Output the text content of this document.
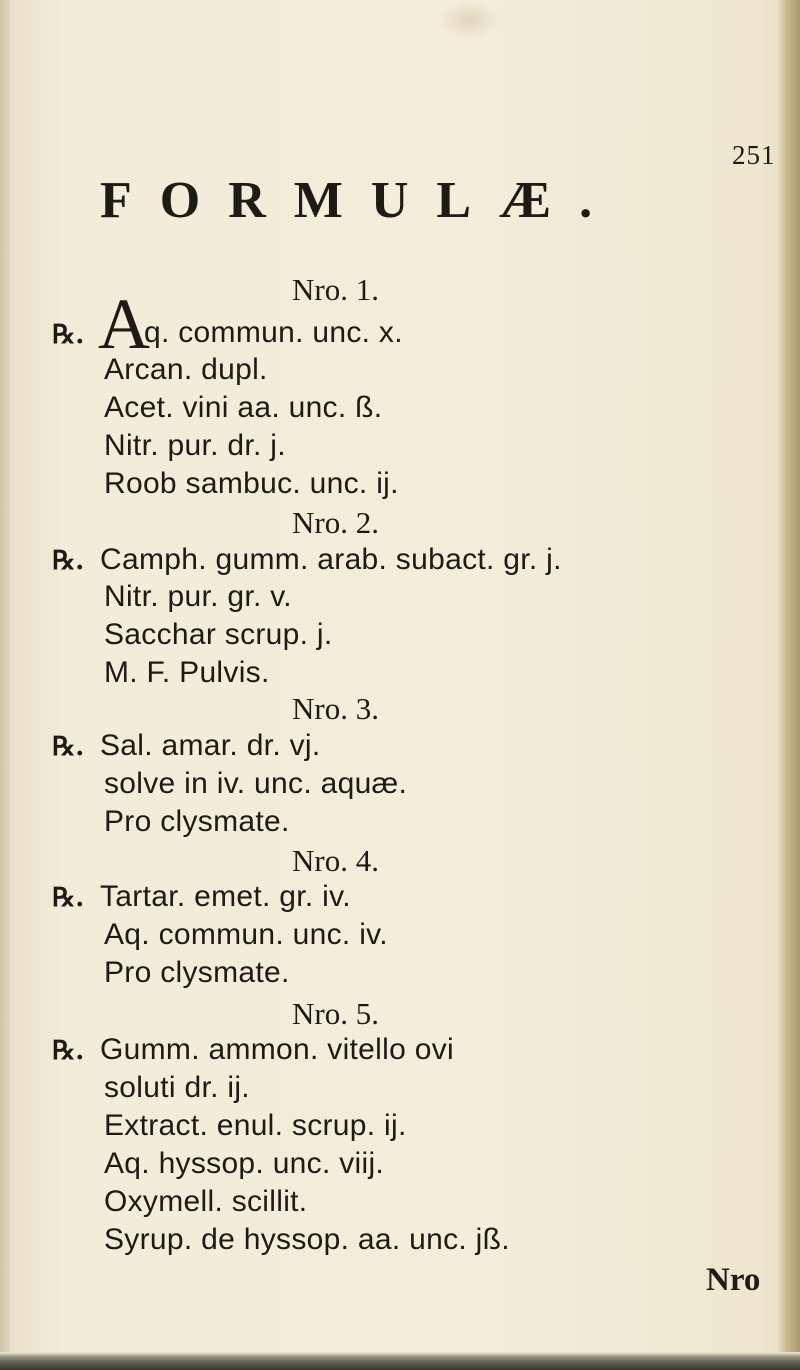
251
FORMULÆ.
Nro. 1.
℞. A
q. commun. unc. x.
Arcan. dupl.
Acet. vini aa. unc. ß.
Nitr. pur. dr. j.
Roob sambuc. unc. ij.
Nro. 2.
℞. Camph. gumm. arab. subact. gr. j.
Nitr. pur. gr. v.
Sacchar scrup. j.
M. F. Pulvis.
Nro. 3.
℞. Sal. amar. dr. vj.
solve in iv. unc. aquæ.
Pro clysmate.
Nro. 4.
℞. Tartar. emet. gr. iv.
Aq. commun. unc. iv.
Pro clysmate.
Nro. 5.
℞. Gumm. ammon. vitello ovi
soluti dr. ij.
Extract. enul. scrup. ij.
Aq. hyssop. unc. viij.
Oxymell. scillit.
Syrup. de hyssop. aa. unc. jß.
Nro
